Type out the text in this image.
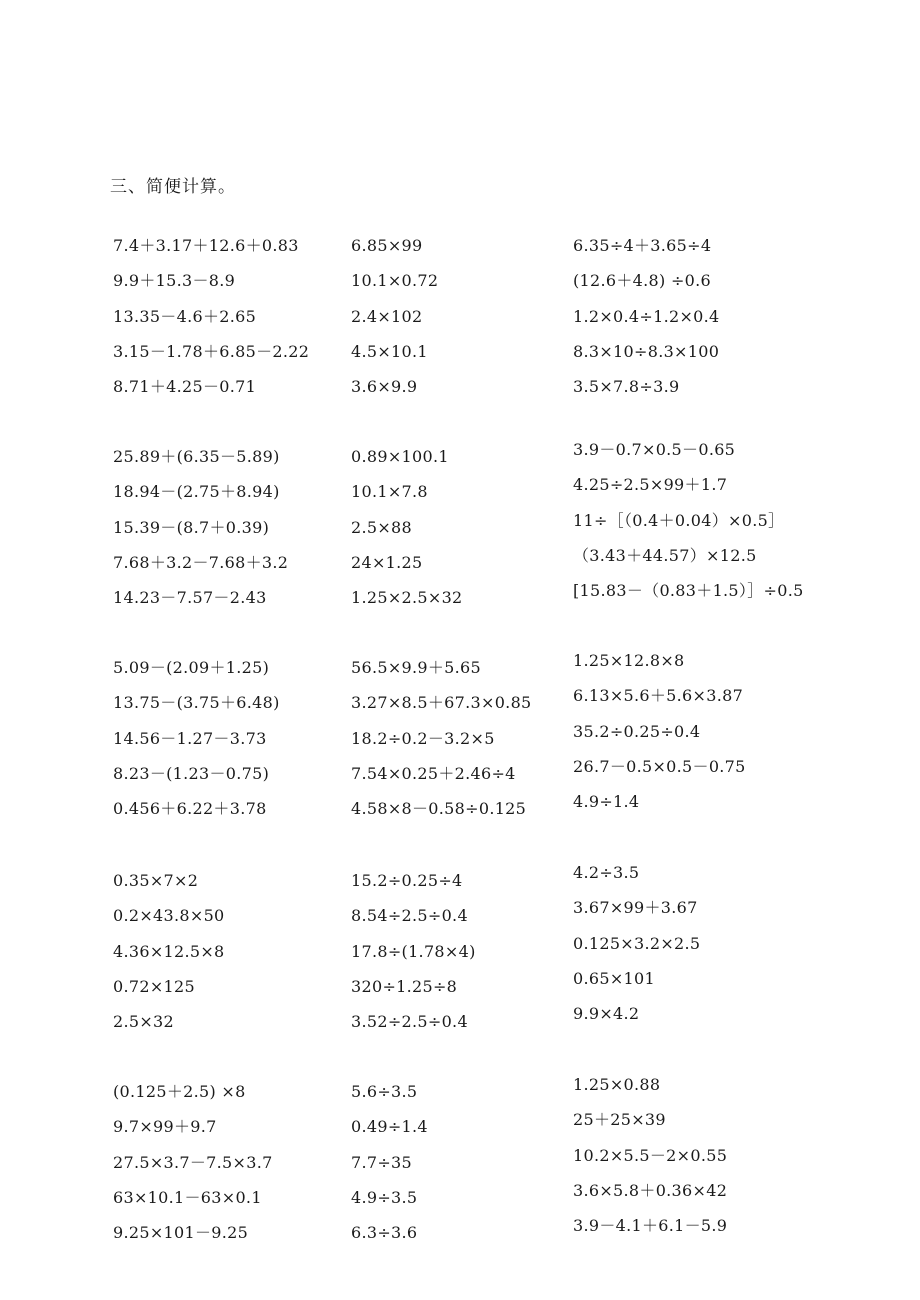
三、简便计算。
7.4＋3.17＋12.6＋0.83
9.9＋15.3－8.9
13.35－4.6＋2.65
3.15－1.78＋6.85－2.22
8.71＋4.25－0.71
6.85×99
10.1×0.72
2.4×102
4.5×10.1
3.6×9.9
6.35÷4＋3.65÷4
(12.6＋4.8) ÷0.6
1.2×0.4÷1.2×0.4
8.3×10÷8.3×100
3.5×7.8÷3.9
25.89＋(6.35－5.89)
18.94－(2.75＋8.94)
15.39－(8.7＋0.39)
7.68＋3.2－7.68＋3.2
14.23－7.57－2.43
0.89×100.1
10.1×7.8
2.5×88
24×1.25
1.25×2.5×32
3.9－0.7×0.5－0.65
4.25÷2.5×99＋1.7
11÷［（0.4＋0.04）×0.5］
（3.43＋44.57）×12.5
[15.83－（0.83＋1.5）］÷0.5
5.09－(2.09＋1.25)
13.75－(3.75＋6.48)
14.56－1.27－3.73
8.23－(1.23－0.75)
0.456＋6.22＋3.78
56.5×9.9＋5.65
3.27×8.5＋67.3×0.85
18.2÷0.2－3.2×5
7.54×0.25＋2.46÷4
4.58×8－0.58÷0.125
1.25×12.8×8
6.13×5.6＋5.6×3.87
35.2÷0.25÷0.4
26.7－0.5×0.5－0.75
4.9÷1.4
0.35×7×2
0.2×43.8×50
4.36×12.5×8
0.72×125
2.5×32
15.2÷0.25÷4
8.54÷2.5÷0.4
17.8÷(1.78×4)
320÷1.25÷8
3.52÷2.5÷0.4
4.2÷3.5
3.67×99＋3.67
0.125×3.2×2.5
0.65×101
9.9×4.2
(0.125＋2.5) ×8
9.7×99＋9.7
27.5×3.7－7.5×3.7
63×10.1－63×0.1
9.25×101－9.25
5.6÷3.5
0.49÷1.4
7.7÷35
4.9÷3.5
6.3÷3.6
1.25×0.88
25＋25×39
10.2×5.5－2×0.55
3.6×5.8＋0.36×42
3.9－4.1＋6.1－5.9
